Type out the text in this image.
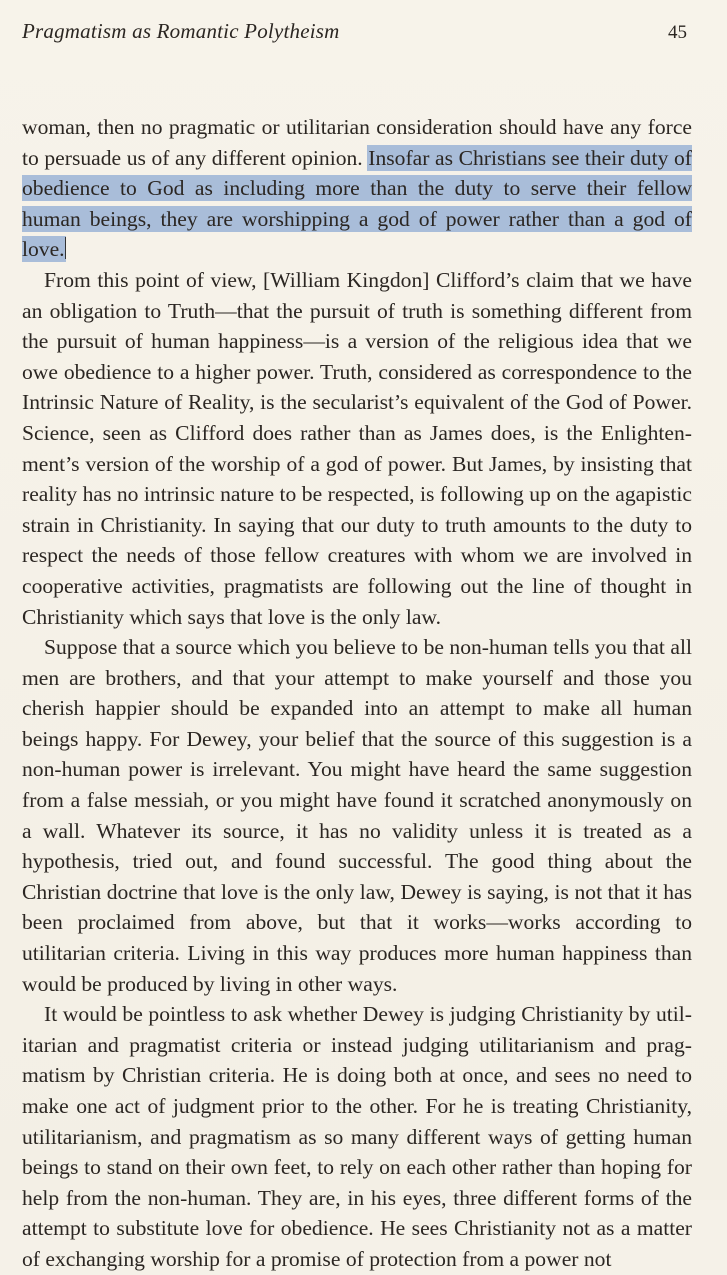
Pragmatism as Romantic Polytheism	45

woman, then no pragmatic or utilitarian consideration should have any force to persuade us of any different opinion. Insofar as Christians see their duty of obedience to God as including more than the duty to serve their fellow human beings, they are worshipping a god of power rather than a god of love.

From this point of view, [William Kingdon] Clifford’s claim that we have an obligation to Truth—that the pursuit of truth is something different from the pursuit of human happiness—is a version of the religious idea that we owe obedience to a higher power. Truth, considered as correspondence to the Intrinsic Nature of Reality, is the secularist’s equivalent of the God of Power. Science, seen as Clifford does rather than as James does, is the Enlightenment’s version of the worship of a god of power. But James, by insisting that reality has no intrinsic nature to be respected, is following up on the agapistic strain in Christianity. In saying that our duty to truth amounts to the duty to respect the needs of those fellow creatures with whom we are involved in cooperative activities, pragmatists are following out the line of thought in Christianity which says that love is the only law.

Suppose that a source which you believe to be non-human tells you that all men are brothers, and that your attempt to make yourself and those you cherish happier should be expanded into an attempt to make all human beings happy. For Dewey, your belief that the source of this suggestion is a non-human power is irrelevant. You might have heard the same suggestion from a false messiah, or you might have found it scratched anonymously on a wall. Whatever its source, it has no validity unless it is treated as a hypothesis, tried out, and found successful. The good thing about the Christian doctrine that love is the only law, Dewey is saying, is not that it has been proclaimed from above, but that it works—works according to utilitarian criteria. Living in this way produces more human happiness than would be produced by living in other ways.

It would be pointless to ask whether Dewey is judging Christianity by utilitarian and pragmatist criteria or instead judging utilitarianism and pragmatism by Christian criteria. He is doing both at once, and sees no need to make one act of judgment prior to the other. For he is treating Christianity, utilitarianism, and pragmatism as so many different ways of getting human beings to stand on their own feet, to rely on each other rather than hoping for help from the non-human. They are, in his eyes, three different forms of the attempt to substitute love for obedience. He sees Christianity not as a matter of exchanging worship for a promise of protection from a power not
